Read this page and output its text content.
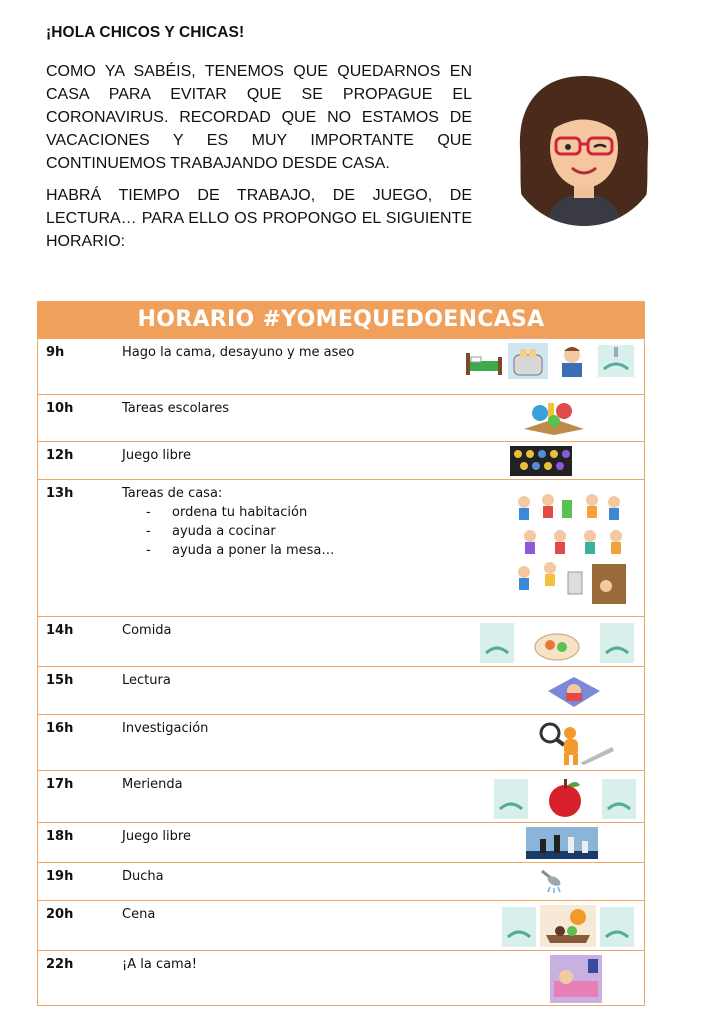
¡HOLA CHICOS Y CHICAS!
COMO YA SABÉIS, TENEMOS QUE QUEDARNOS EN CASA PARA EVITAR QUE SE PROPAGUE EL CORONAVIRUS. RECORDAD QUE NO ESTAMOS DE VACACIONES Y ES MUY IMPORTANTE QUE CONTINUEMOS TRABAJANDO DESDE CASA.
HABRÁ TIEMPO DE TRABAJO, DE JUEGO, DE LECTURA… PARA ELLO OS PROPONGO EL SIGUIENTE HORARIO:
HORARIO #YOMEQUEDOENCASA
9h	Hago la cama, desayuno y me aseo
10h	Tareas escolares
12h	Juego libre
13h	Tareas de casa:
- ordena tu habitación
- ayuda a cocinar
- ayuda a poner la mesa…
14h	Comida
15h	Lectura
16h	Investigación
17h	Merienda
18h	Juego libre
19h	Ducha
20h	Cena
22h	¡A la cama!
